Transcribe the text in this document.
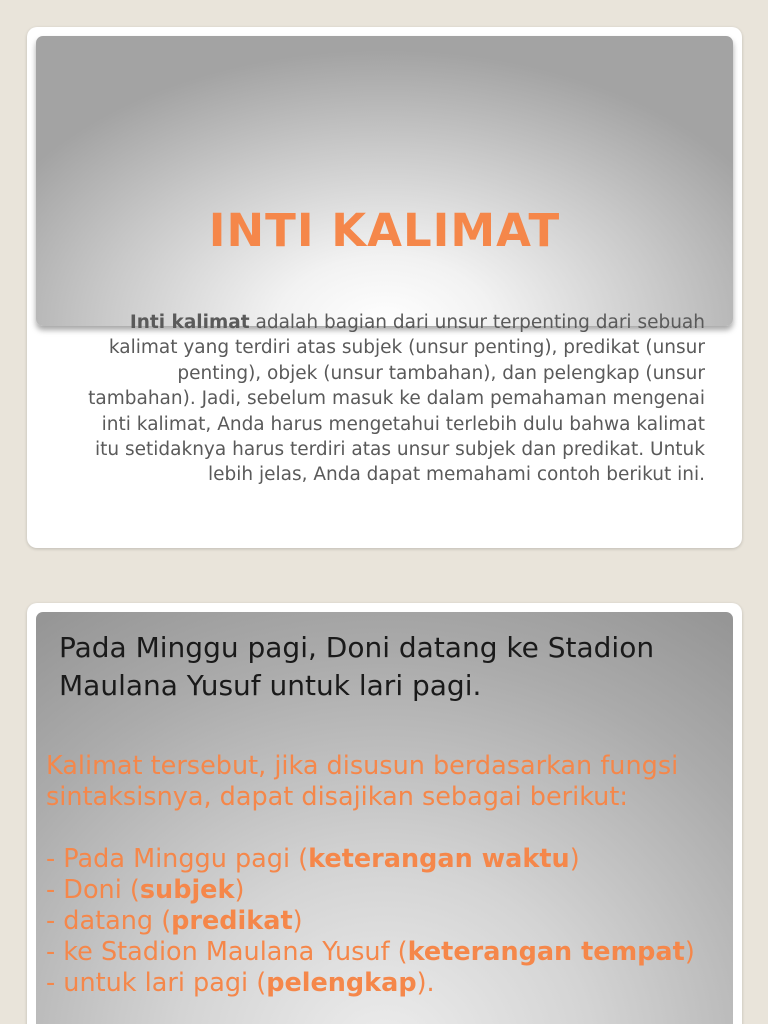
INTI KALIMAT
Inti kalimat adalah bagian dari unsur terpenting dari sebuah kalimat yang terdiri atas subjek (unsur penting), predikat (unsur penting), objek (unsur tambahan), dan pelengkap (unsur tambahan). Jadi, sebelum masuk ke dalam pemahaman mengenai inti kalimat, Anda harus mengetahui terlebih dulu bahwa kalimat itu setidaknya harus terdiri atas unsur subjek dan predikat. Untuk lebih jelas, Anda dapat memahami contoh berikut ini.
Pada Minggu pagi, Doni datang ke Stadion Maulana Yusuf untuk lari pagi.
Kalimat tersebut, jika disusun berdasarkan fungsi
sintaksisnya, dapat disajikan sebagai berikut:
- Pada Minggu pagi (keterangan waktu)
- Doni (subjek)
- datang (predikat)
- ke Stadion Maulana Yusuf (keterangan tempat)
- untuk lari pagi (pelengkap).
